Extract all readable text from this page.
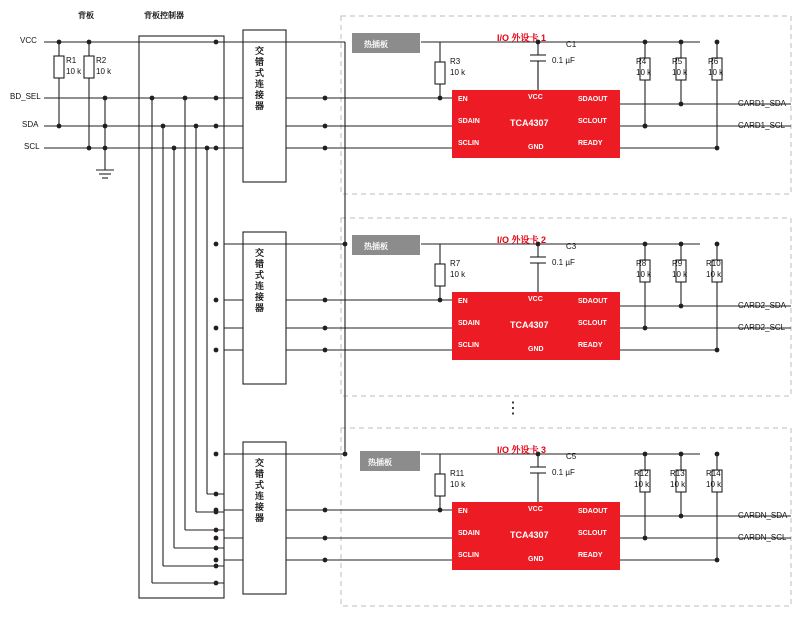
背板	背板控制器
VCC
BD_SEL
SDA
SCL
R1
10 k
R2
10 k	交错式连接器
热插板
I/O 外设卡 1
R3
10 k
C1
0.1 µF	R4
10 k
R5
10 k
R6
10 k
EN
SDAIN
SCLIN
VCC
GND
SDAOUT
SCLOUT
READY
TCA4307
CARD1_SDA
CARD1_SCL
交错式连接器
热插板
I/O 外设卡 2
R7
10 k
C3
0.1 µF	R8
10 k
R9
10 k
R10
10 k
EN
SDAIN
SCLIN
VCC
GND
SDAOUT
SCLOUT
READY
TCA4307
CARD2_SDA
CARD2_SCL
⋮
交错式连接器	热插板
I/O 外设卡 3
R11
10 k
C5
0.1 µF	R12
10 k
R13
10 k
R14
10 k
EN
SDAIN
SCLIN
VCC
GND
SDAOUT
SCLOUT
READY
TCA4307
CARDN_SDA
CARDN_SCL
